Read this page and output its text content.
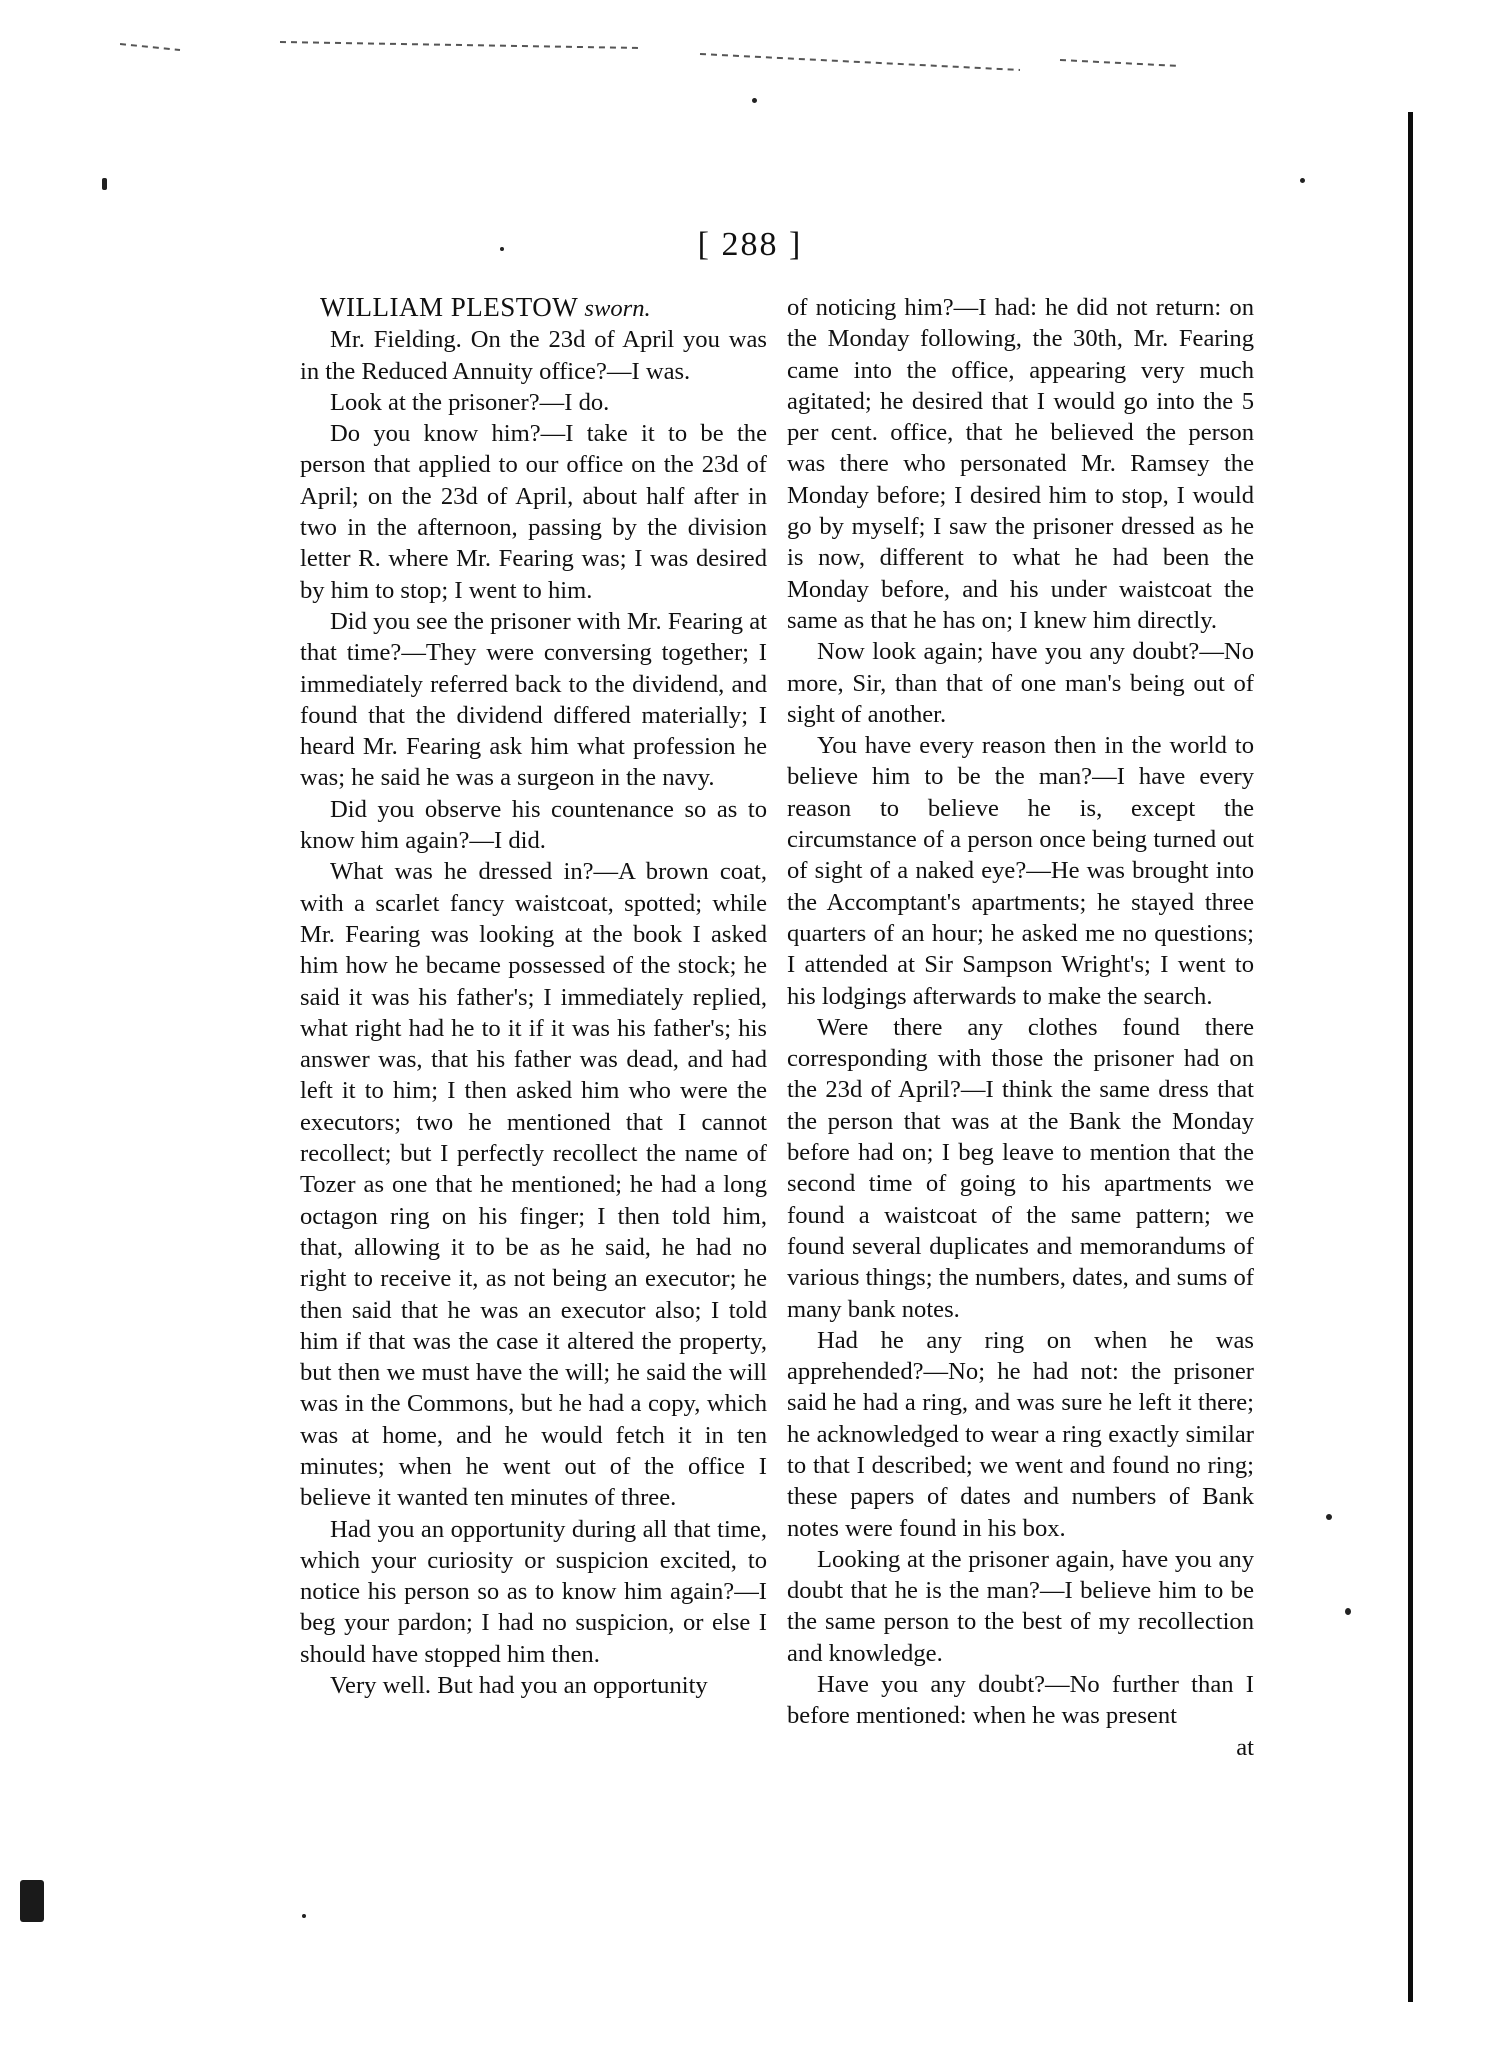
[ 288 ]

WILLIAM PLESTOW sworn.

Mr. Fielding. On the 23d of April you was in the Reduced Annuity office?—I was.

Look at the prisoner?—I do.

Do you know him?—I take it to be the person that applied to our office on the 23d of April; on the 23d of April, about half after in two in the afternoon, passing by the division letter R. where Mr. Fearing was; I was desired by him to stop; I went to him.

Did you see the prisoner with Mr. Fearing at that time?—They were conversing together; I immediately referred back to the dividend, and found that the dividend differed materially; I heard Mr. Fearing ask him what profession he was; he said he was a surgeon in the navy.

Did you observe his countenance so as to know him again?—I did.

What was he dressed in?—A brown coat, with a scarlet fancy waistcoat, spotted; while Mr. Fearing was looking at the book I asked him how he became possessed of the stock; he said it was his father's; I immediately replied, what right had he to it if it was his father's; his answer was, that his father was dead, and had left it to him; I then asked him who were the executors; two he mentioned that I cannot recollect; but I perfectly recollect the name of Tozer as one that he mentioned; he had a long octagon ring on his finger; I then told him, that, allowing it to be as he said, he had no right to receive it, as not being an executor; he then said that he was an executor also; I told him if that was the case it altered the property, but then we must have the will; he said the will was in the Commons, but he had a copy, which was at home, and he would fetch it in ten minutes; when he went out of the office I believe it wanted ten minutes of three.

Had you an opportunity during all that time, which your curiosity or suspicion excited, to notice his person so as to know him again?—I beg your pardon; I had no suspicion, or else I should have stopped him then.

Very well. But had you an opportunity

of noticing him?—I had: he did not return: on the Monday following, the 30th, Mr. Fearing came into the office, appearing very much agitated; he desired that I would go into the 5 per cent. office, that he believed the person was there who personated Mr. Ramsey the Monday before; I desired him to stop, I would go by myself; I saw the prisoner dressed as he is now, different to what he had been the Monday before, and his under waistcoat the same as that he has on; I knew him directly.

Now look again; have you any doubt?—No more, Sir, than that of one man's being out of sight of another.

You have every reason then in the world to believe him to be the man?—I have every reason to believe he is, except the circumstance of a person once being turned out of sight of a naked eye?—He was brought into the Accomptant's apartments; he stayed three quarters of an hour; he asked me no questions; I attended at Sir Sampson Wright's; I went to his lodgings afterwards to make the search.

Were there any clothes found there corresponding with those the prisoner had on the 23d of April?—I think the same dress that the person that was at the Bank the Monday before had on; I beg leave to mention that the second time of going to his apartments we found a waistcoat of the same pattern; we found several duplicates and memorandums of various things; the numbers, dates, and sums of many bank notes.

Had he any ring on when he was apprehended?—No; he had not: the prisoner said he had a ring, and was sure he left it there; he acknowledged to wear a ring exactly similar to that I described; we went and found no ring; these papers of dates and numbers of Bank notes were found in his box.

Looking at the prisoner again, have you any doubt that he is the man?—I believe him to be the same person to the best of my recollection and knowledge.

Have you any doubt?—No further than I before mentioned: when he was present

at
